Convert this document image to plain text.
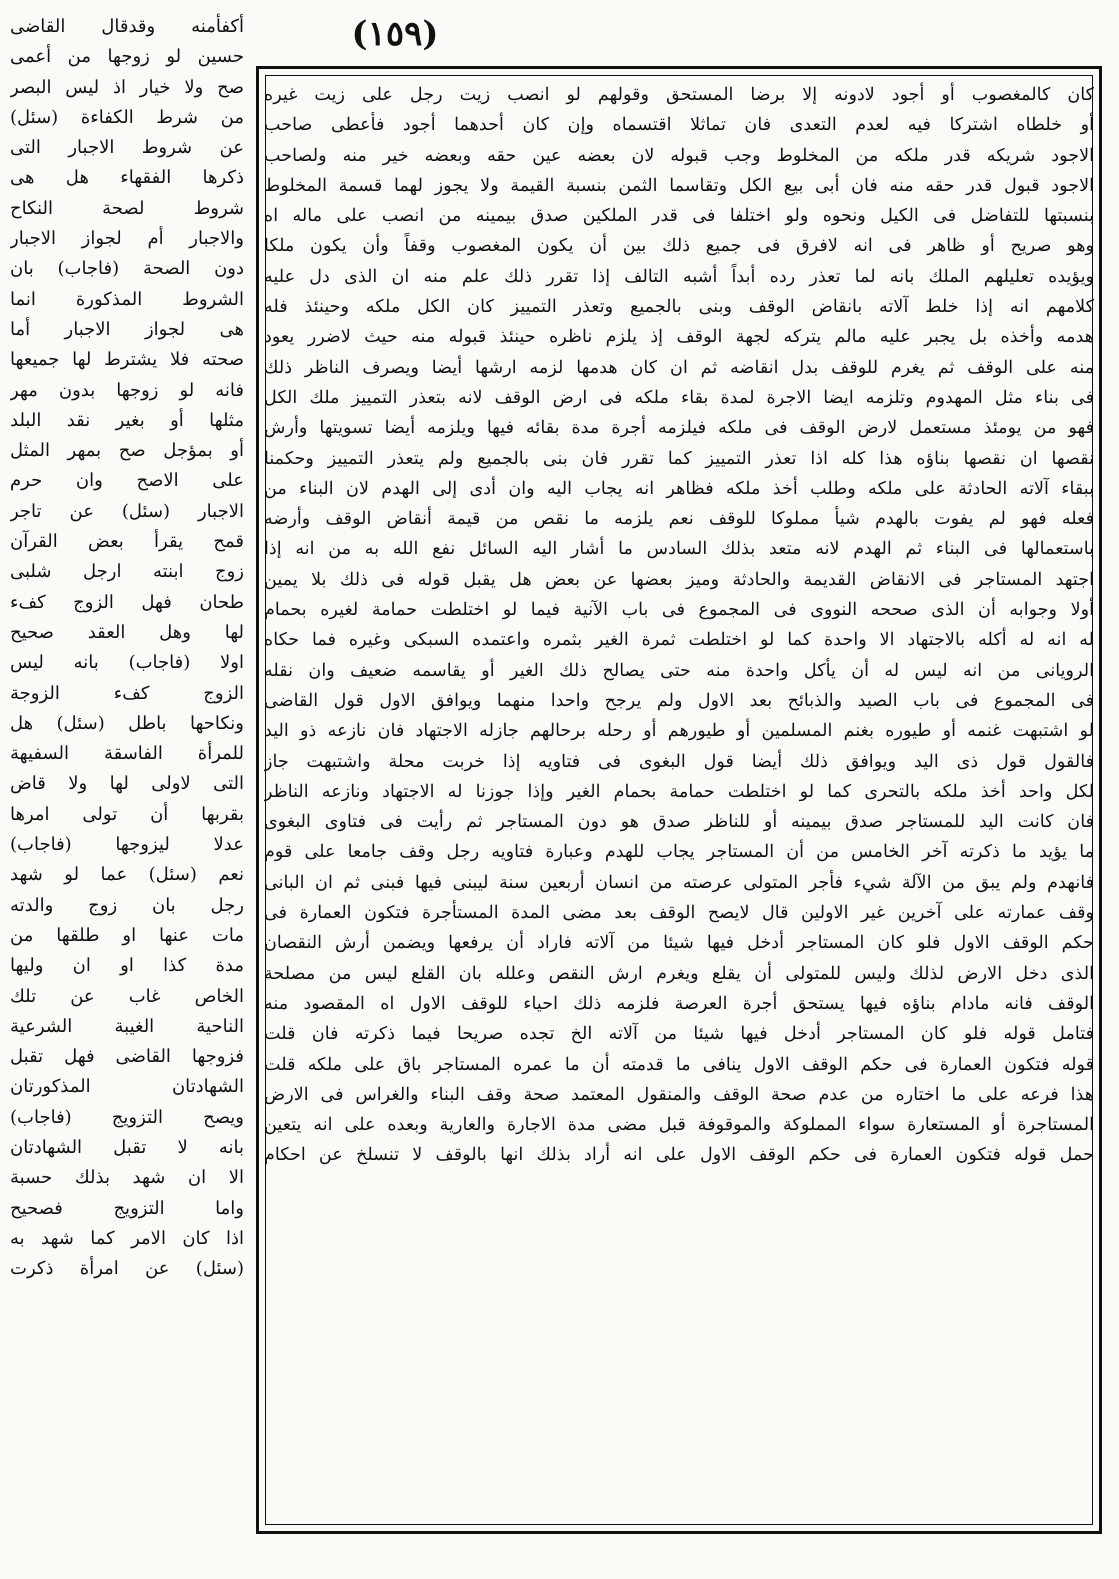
(١٥٩)
كان كالمغصوب أو أجود لادونه إلا برضا المستحق وقولهم لو انصب زيت رجل على زيت غيره
أو خلطاه اشتركا فيه لعدم التعدى فان تماثلا اقتسماه وإن كان أحدهما أجود فأعطى صاحب
الاجود شريكه قدر ملكه من المخلوط وجب قبوله لان بعضه عين حقه وبعضه خير منه ولصاحب
الاجود قبول قدر حقه منه فان أبى بيع الكل وتقاسما الثمن بنسبة القيمة ولا يجوز لهما قسمة المخلوط
بنسبتها للتفاضل فى الكيل ونحوه ولو اختلفا فى قدر الملكين صدق بيمينه من انصب على ماله اه
وهو صريح أو ظاهر فى انه لافرق فى جميع ذلك بين أن يكون المغصوب وقفاً وأن يكون ملكا
ويؤيده تعليلهم الملك بانه لما تعذر رده أبداً أشبه التالف إذا تقرر ذلك علم منه ان الذى دل عليه
كلامهم انه إذا خلط آلاته بانقاض الوقف وبنى بالجميع وتعذر التمييز كان الكل ملكه وحينئذ فله
هدمه وأخذه بل يجبر عليه مالم يتركه لجهة الوقف إذ يلزم ناظره حينئذ قبوله منه حيث لاضرر يعود
منه على الوقف ثم يغرم للوقف بدل انقاضه ثم ان كان هدمها لزمه ارشها أيضا ويصرف الناظر ذلك
فى بناء مثل المهدوم وتلزمه ايضا الاجرة لمدة بقاء ملكه فى ارض الوقف لانه بتعذر التمييز ملك الكل
فهو من يومئذ مستعمل لارض الوقف فى ملكه فيلزمه أجرة مدة بقائه فيها ويلزمه أيضا تسويتها وأرش
نقصها ان نقصها بناؤه هذا كله اذا تعذر التمييز كما تقرر فان بنى بالجميع ولم يتعذر التمييز وحكمنا
ببقاء آلاته الحادثة على ملكه وطلب أخذ ملكه فظاهر انه يجاب اليه وان أدى إلى الهدم لان البناء من
فعله فهو لم يفوت بالهدم شيأ مملوكا للوقف نعم يلزمه ما نقص من قيمة أنقاض الوقف وأرضه
باستعمالها فى البناء ثم الهدم لانه متعد بذلك السادس ما أشار اليه السائل نفع الله به من انه إذا
اجتهد المستاجر فى الانقاض القديمة والحادثة وميز بعضها عن بعض هل يقبل قوله فى ذلك بلا يمين
أولا وجوابه أن الذى صححه النووى فى المجموع فى باب الآنية فيما لو اختلطت حمامة لغيره بحمام
له انه له أكله بالاجتهاد الا واحدة كما لو اختلطت ثمرة الغير بثمره واعتمده السبكى وغيره فما حكاه
الرويانى من انه ليس له أن يأكل واحدة منه حتى يصالح ذلك الغير أو يقاسمه ضعيف وان نقله
فى المجموع فى باب الصيد والذبائح بعد الاول ولم يرجح واحدا منهما ويوافق الاول قول القاضى
لو اشتبهت غنمه أو طيوره بغنم المسلمين أو طيورهم أو رحله برحالهم جازله الاجتهاد فان نازعه ذو اليد
فالقول قول ذى اليد ويوافق ذلك أيضا قول البغوى فى فتاويه إذا خربت محلة واشتبهت جاز
لكل واحد أخذ ملكه بالتحرى كما لو اختلطت حمامة بحمام الغير وإذا جوزنا له الاجتهاد ونازعه الناظر
فان كانت اليد للمستاجر صدق بيمينه أو للناظر صدق هو دون المستاجر ثم رأيت فى فتاوى البغوى
ما يؤيد ما ذكرته آخر الخامس من أن المستاجر يجاب للهدم وعبارة فتاويه رجل وقف جامعا على قوم
فانهدم ولم يبق من الآلة شيء فأجر المتولى عرصته من انسان أربعين سنة ليبنى فيها فبنى ثم ان البانى
وقف عمارته على آخرين غير الاولين قال لايصح الوقف بعد مضى المدة المستأجرة فتكون العمارة فى
حكم الوقف الاول فلو كان المستاجر أدخل فيها شيئا من آلاته فاراد أن يرفعها ويضمن أرش النقصان
الذى دخل الارض لذلك وليس للمتولى أن يقلع ويغرم ارش النقص وعلله بان القلع ليس من مصلحة
الوقف فانه مادام بناؤه فيها يستحق أجرة العرصة فلزمه ذلك احياء للوقف الاول اه المقصود منه
فتامل قوله فلو كان المستاجر أدخل فيها شيئا من آلاته الخ تجده صريحا فيما ذكرته فان قلت
قوله فتكون العمارة فى حكم الوقف الاول ينافى ما قدمته أن ما عمره المستاجر باق على ملكه قلت
هذا فرعه على ما اختاره من عدم صحة الوقف والمنقول المعتمد صحة وقف البناء والغراس فى الارض
المستاجرة أو المستعارة سواء المملوكة والموقوفة قبل مضى مدة الاجارة والعارية وبعده على انه يتعين
حمل قوله فتكون العمارة فى حكم الوقف الاول على انه أراد بذلك انها بالوقف لا تنسلخ عن احكام
أكفأمنه وقدقال القاضى
حسين لو زوجها من أعمى
صح ولا خيار اذ ليس البصر
من شرط الكفاءة (سئل)
عن شروط الاجبار التى
ذكرها الفقهاء هل هى
شروط لصحة النكاح
والاجبار أم لجواز الاجبار
دون الصحة (فاجاب) بان
الشروط المذكورة انما
هى لجواز الاجبار أما
صحته فلا يشترط لها جميعها
فانه لو زوجها بدون مهر
مثلها أو بغير نقد البلد
أو بمؤجل صح بمهر المثل
على الاصح وان حرم
الاجبار (سئل) عن تاجر
قمح يقرأ بعض القرآن
زوج ابنته ارجل شلبى
طحان فهل الزوج كفء
لها وهل العقد صحيح
اولا (فاجاب) بانه ليس
الزوج كفء الزوجة
ونكاحها باطل (سئل) هل
للمرأة الفاسقة السفيهة
التى لاولى لها ولا قاض
بقربها أن تولى امرها
عدلا ليزوجها (فاجاب)
نعم (سئل) عما لو شهد
رجل بان زوج والدته
مات عنها او طلقها من
مدة كذا او ان وليها
الخاص غاب عن تلك
الناحية الغيبة الشرعية
فزوجها القاضى فهل تقبل
الشهادتان المذكورتان
ويصح التزويج (فاجاب)
بانه لا تقبل الشهادتان
الا ان شهد بذلك حسبة
واما التزويج فصحيح
اذا كان الامر كما شهد به
(سئل) عن امرأة ذكرت
